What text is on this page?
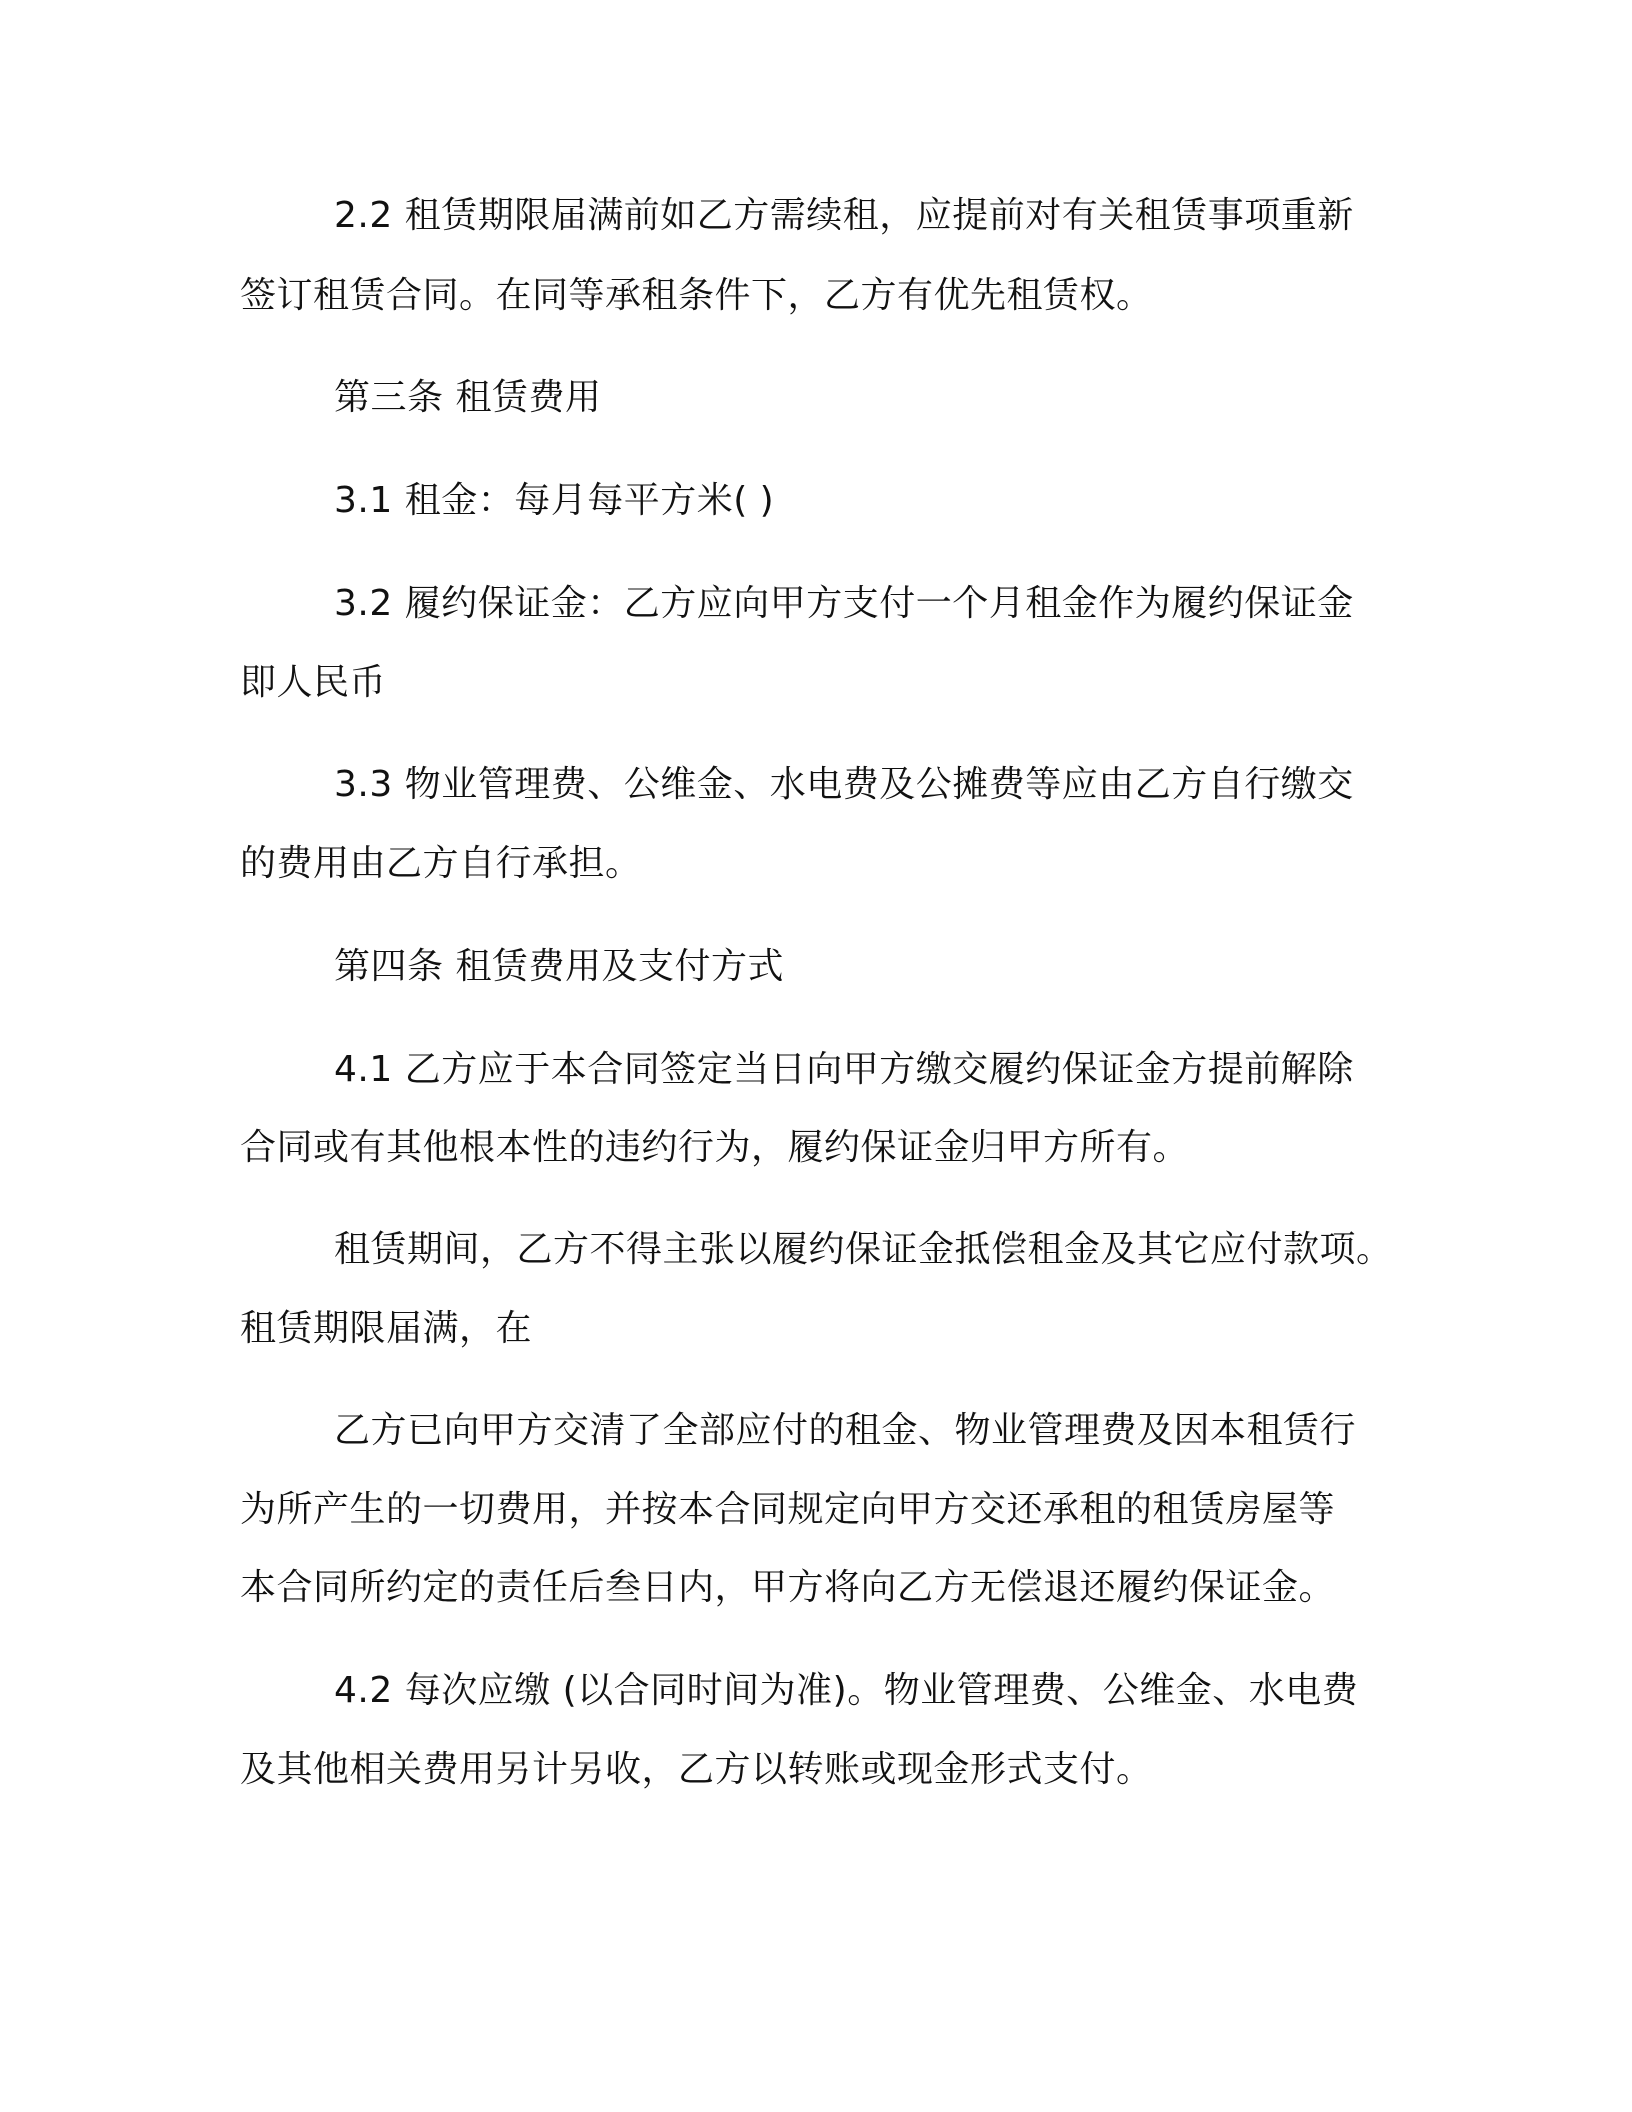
2.2 租赁期限届满前如乙方需续租，应提前对有关租赁事项重新
签订租赁合同。在同等承租条件下，乙方有优先租赁权。
第三条 租赁费用
3.1 租金：每月每平方米( )
3.2 履约保证金：乙方应向甲方支付一个月租金作为履约保证金
即人民币
3.3 物业管理费、公维金、水电费及公摊费等应由乙方自行缴交
的费用由乙方自行承担。
第四条 租赁费用及支付方式
4.1 乙方应于本合同签定当日向甲方缴交履约保证金方提前解除
合同或有其他根本性的违约行为，履约保证金归甲方所有。
租赁期间，乙方不得主张以履约保证金抵偿租金及其它应付款项。
租赁期限届满，在
乙方已向甲方交清了全部应付的租金、物业管理费及因本租赁行
为所产生的一切费用，并按本合同规定向甲方交还承租的租赁房屋等
本合同所约定的责任后叁日内，甲方将向乙方无偿退还履约保证金。
4.2 每次应缴 (以合同时间为准)。物业管理费、公维金、水电费
及其他相关费用另计另收，乙方以转账或现金形式支付。
